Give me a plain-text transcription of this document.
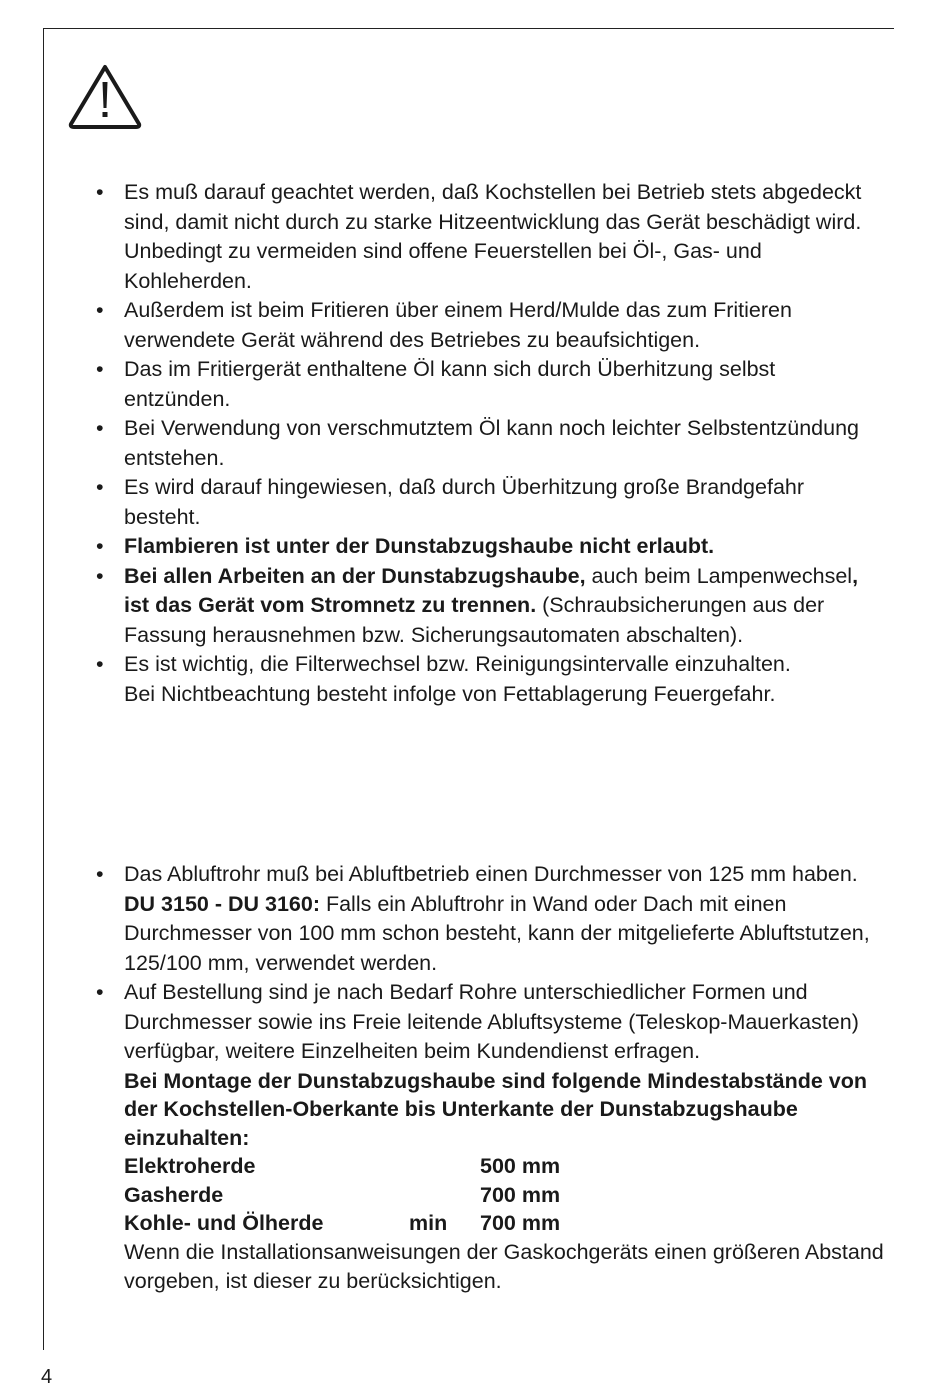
• Es muß darauf geachtet werden, daß Kochstellen bei Betrieb stets abgedeckt sind, damit nicht durch zu starke Hitzeentwicklung das Gerät beschädigt wird. Unbedingt zu vermeiden sind offene Feuerstellen bei Öl-, Gas- und Kohleherden.
• Außerdem ist beim Fritieren über einem Herd/Mulde das zum Fritieren verwendete Gerät während des Betriebes zu beaufsichtigen.
• Das im Fritiergerät enthaltene Öl kann sich durch Überhitzung selbst entzünden.
• Bei Verwendung von verschmutztem Öl kann noch leichter Selbstentzündung entstehen.
• Es wird darauf hingewiesen, daß durch Überhitzung große Brandgefahr besteht.
• Flambieren ist unter der Dunstabzugshaube nicht erlaubt.
• Bei allen Arbeiten an der Dunstabzugshaube, auch beim Lampenwechsel, ist das Gerät vom Stromnetz zu trennen. (Schraubsicherungen aus der Fassung herausnehmen bzw. Sicherungsautomaten abschalten).
• Es ist wichtig, die Filterwechsel bzw. Reinigungsintervalle einzuhalten.
Bei Nichtbeachtung besteht infolge von Fettablagerung Feuergefahr.
• Das Abluftrohr muß bei Abluftbetrieb einen Durchmesser von 125 mm haben.
DU 3150 - DU 3160: Falls ein Abluftrohr in Wand oder Dach mit einen Durchmesser von 100 mm schon besteht, kann der mitgelieferte Abluftstutzen, 125/100 mm, verwendet werden.
• Auf Bestellung sind je nach Bedarf Rohre unterschiedlicher Formen und Durchmesser sowie ins Freie leitende Abluftsysteme (Teleskop-Mauerkasten) verfügbar, weitere Einzelheiten beim Kundendienst erfragen.
Bei Montage der Dunstabzugshaube sind folgende Mindestabstände von der Kochstellen-Oberkante bis Unterkante der Dunstabzugshaube einzuhalten:
Elektroherde	500 mm
Gasherde	700 mm
Kohle- und Ölherde	min 700 mm
Wenn die Installationsanweisungen der Gaskochgeräts einen größeren Abstand vorgeben, ist dieser zu berücksichtigen.
4
